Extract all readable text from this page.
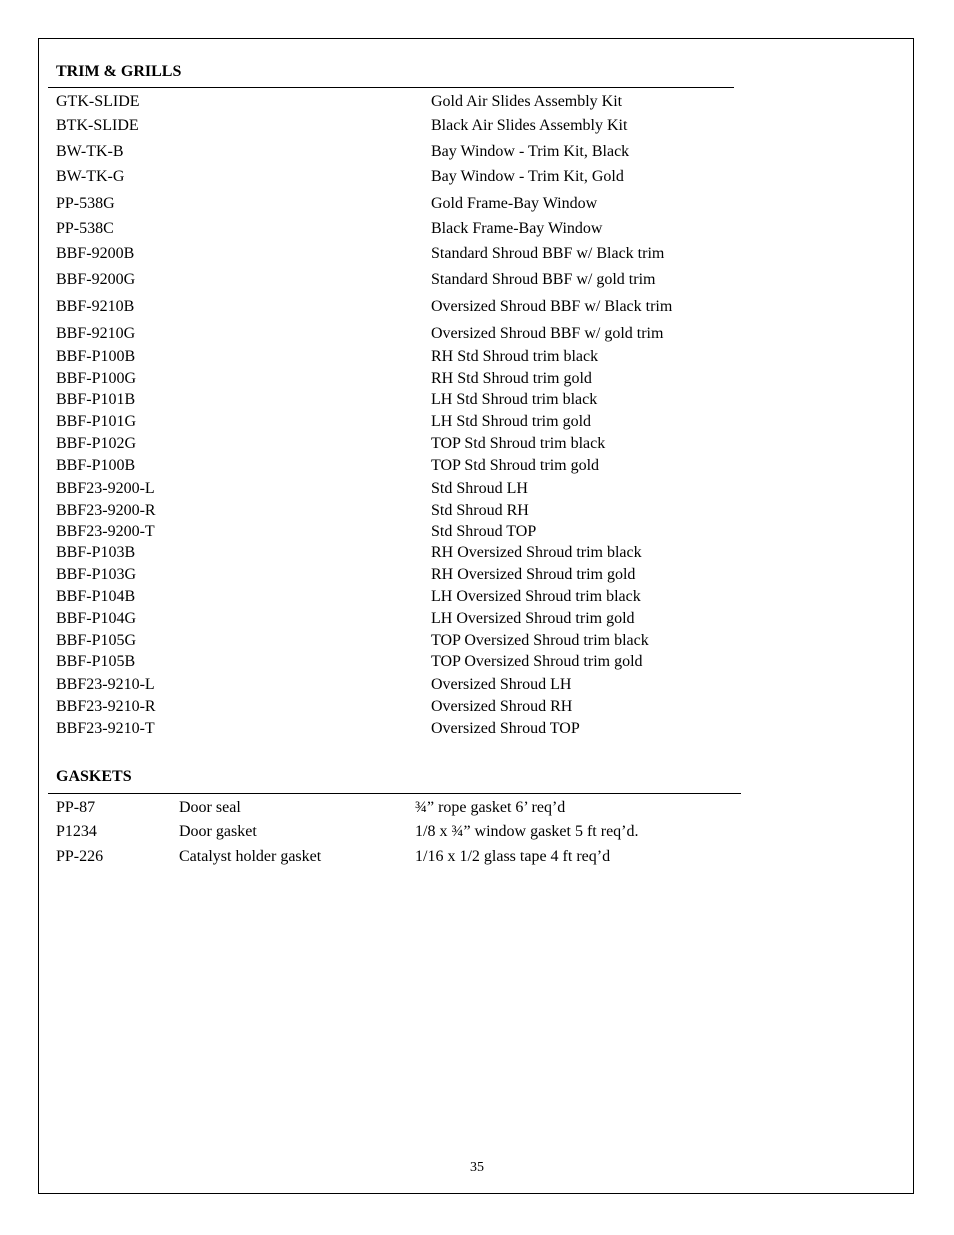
TRIM & GRILLS
GTK-SLIDE	Gold Air Slides Assembly Kit
BTK-SLIDE	Black Air Slides Assembly Kit
BW-TK-B	Bay Window - Trim Kit, Black
BW-TK-G	Bay Window - Trim Kit, Gold
PP-538G	Gold Frame-Bay Window
PP-538C	Black Frame-Bay Window
BBF-9200B	Standard Shroud BBF w/ Black trim
BBF-9200G	Standard Shroud BBF w/ gold trim
BBF-9210B	Oversized Shroud BBF w/ Black trim
BBF-9210G	Oversized Shroud BBF w/ gold trim
BBF-P100B	RH Std Shroud trim black
BBF-P100G	RH Std Shroud trim gold
BBF-P101B	LH Std Shroud trim black
BBF-P101G	LH Std Shroud trim gold
BBF-P102G	TOP Std Shroud trim black
BBF-P100B	TOP Std Shroud trim gold
BBF23-9200-L	Std Shroud LH
BBF23-9200-R	Std Shroud RH
BBF23-9200-T	Std Shroud TOP
BBF-P103B	RH Oversized Shroud trim black
BBF-P103G	RH Oversized Shroud trim gold
BBF-P104B	LH Oversized Shroud trim black
BBF-P104G	LH Oversized Shroud trim gold
BBF-P105G	TOP Oversized Shroud trim black
BBF-P105B	TOP Oversized Shroud trim gold
BBF23-9210-L	Oversized Shroud LH
BBF23-9210-R	Oversized Shroud RH
BBF23-9210-T	Oversized Shroud TOP
GASKETS
PP-87	Door seal	¾” rope gasket 6’ req’d
P1234	Door gasket	1/8 x ¾” window gasket 5 ft req’d.
PP-226	Catalyst holder gasket	1/16 x 1/2 glass tape 4 ft req’d
35
